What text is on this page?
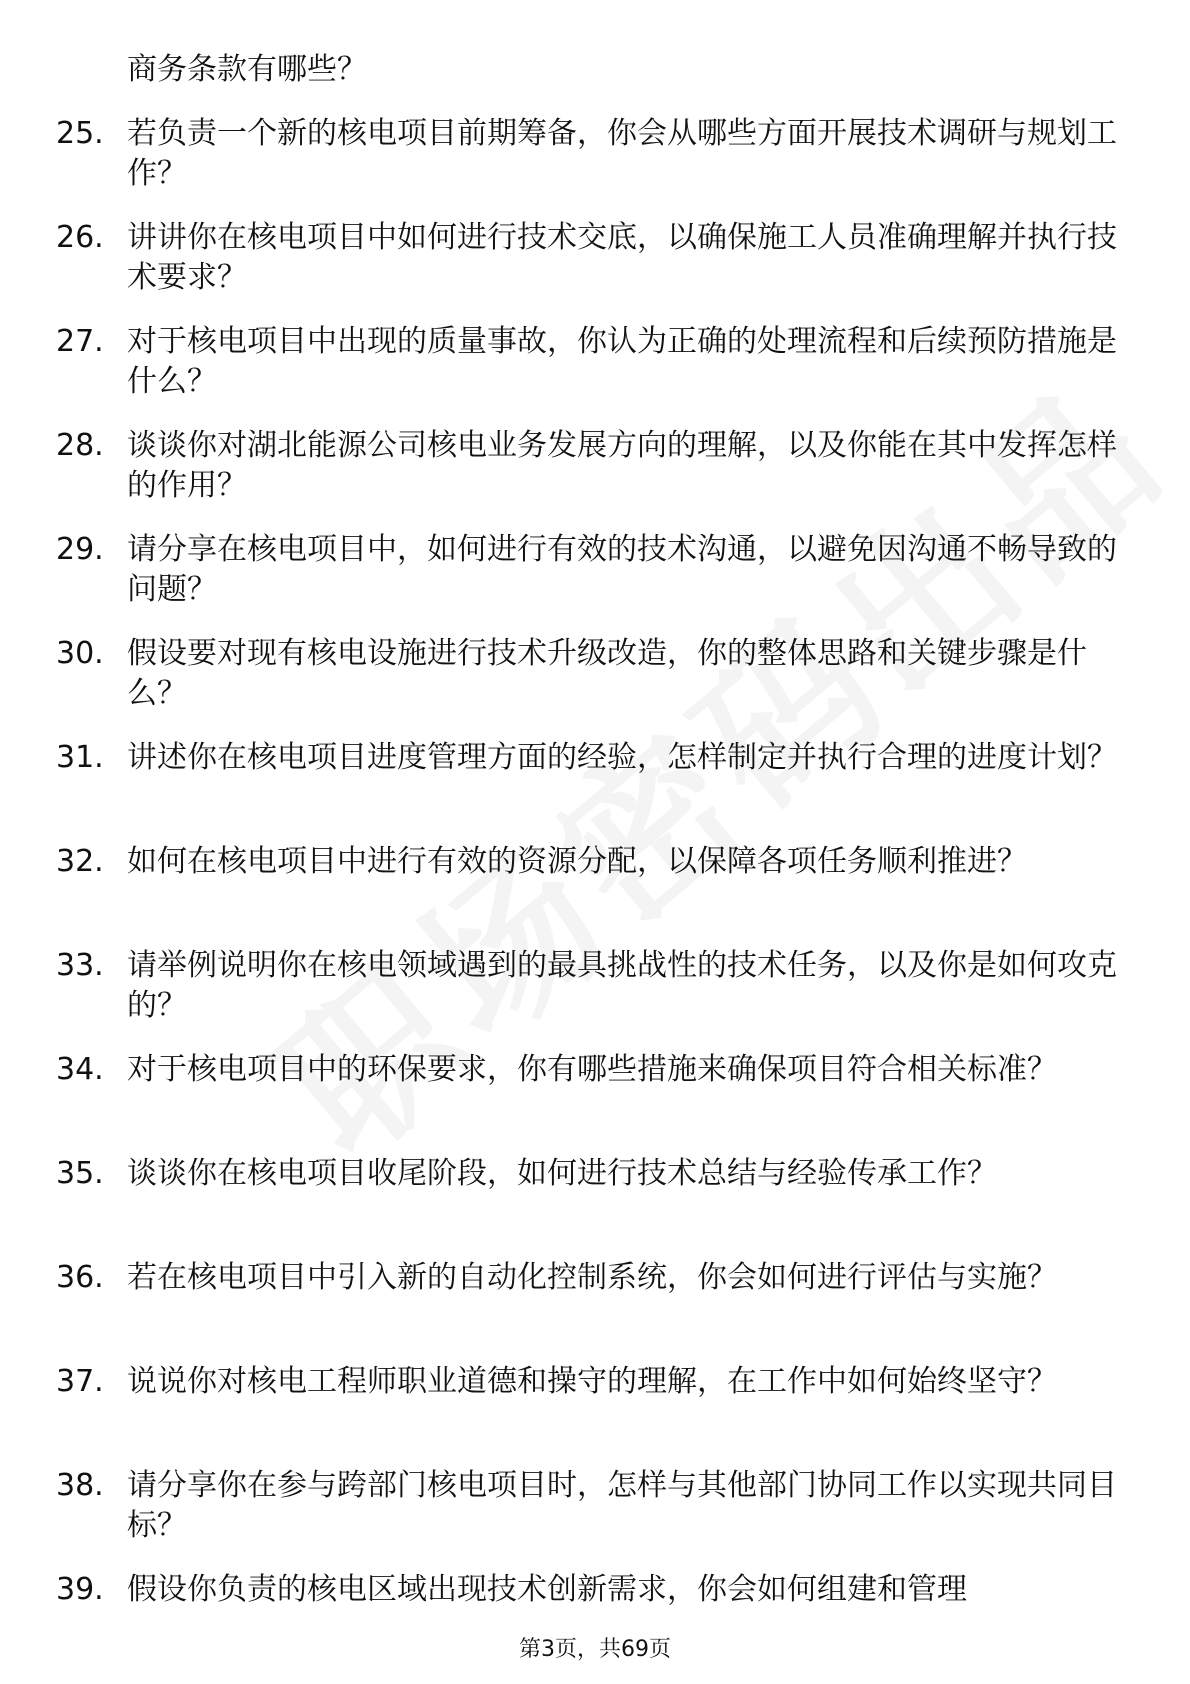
商务条款有哪些？

25. 若负责一个新的核电项目前期筹备，你会从哪些方面开展技术调研与规划工作？

26. 讲讲你在核电项目中如何进行技术交底，以确保施工人员准确理解并执行技术要求？

27. 对于核电项目中出现的质量事故，你认为正确的处理流程和后续预防措施是什么？

28. 谈谈你对湖北能源公司核电业务发展方向的理解，以及你能在其中发挥怎样的作用？

29. 请分享在核电项目中，如何进行有效的技术沟通，以避免因沟通不畅导致的问题？

30. 假设要对现有核电设施进行技术升级改造，你的整体思路和关键步骤是什么？

31. 讲述你在核电项目进度管理方面的经验，怎样制定并执行合理的进度计划？

32. 如何在核电项目中进行有效的资源分配，以保障各项任务顺利推进？

33. 请举例说明你在核电领域遇到的最具挑战性的技术任务，以及你是如何攻克的？

34. 对于核电项目中的环保要求，你有哪些措施来确保项目符合相关标准？

35. 谈谈你在核电项目收尾阶段，如何进行技术总结与经验传承工作？

36. 若在核电项目中引入新的自动化控制系统，你会如何进行评估与实施？

37. 说说你对核电工程师职业道德和操守的理解，在工作中如何始终坚守？

38. 请分享你在参与跨部门核电项目时，怎样与其他部门协同工作以实现共同目标？

39. 假设你负责的核电区域出现技术创新需求，你会如何组建和管理

第3页，共69页
